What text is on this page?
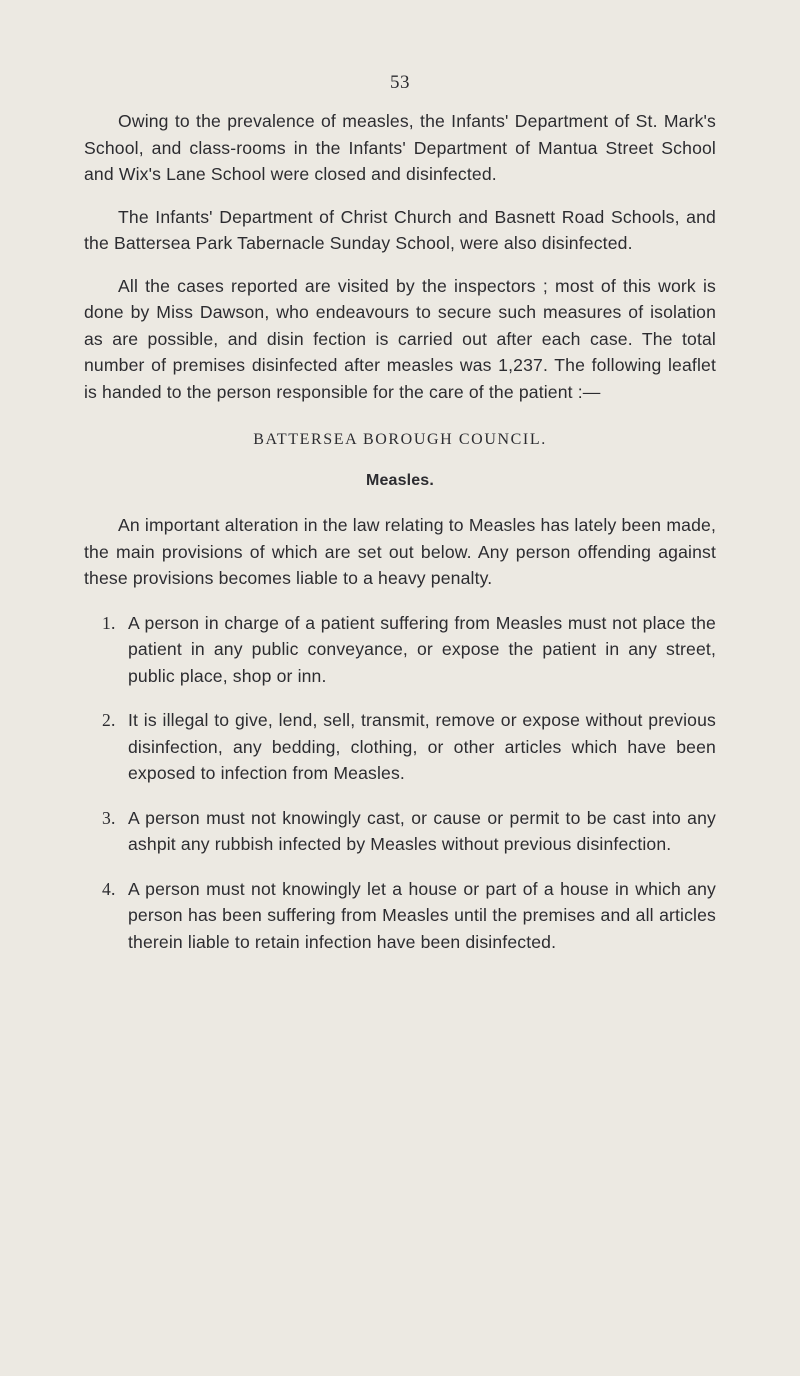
53

Owing to the prevalence of measles, the Infants' Department of St. Mark's School, and class-rooms in the Infants' Department of Mantua Street School and Wix's Lane School were closed and disinfected.

The Infants' Department of Christ Church and Basnett Road Schools, and the Battersea Park Tabernacle Sunday School, were also disinfected.

All the cases reported are visited by the inspectors ; most of this work is done by Miss Dawson, who endeavours to secure such measures of isolation as are possible, and disin fection is carried out after each case. The total number of premises disinfected after measles was 1,237. The following leaflet is handed to the person responsible for the care of the patient :—

BATTERSEA BOROUGH COUNCIL.
Measles.

An important alteration in the law relating to Measles has lately been made, the main provisions of which are set out below. Any person offending against these provisions becomes liable to a heavy penalty.

1. A person in charge of a patient suffering from Measles must not place the patient in any public conveyance, or expose the patient in any street, public place, shop or inn.

2. It is illegal to give, lend, sell, transmit, remove or expose without previous disinfection, any bedding, clothing, or other articles which have been exposed to infection from Measles.

3. A person must not knowingly cast, or cause or permit to be cast into any ashpit any rubbish infected by Measles without previous disinfection.

4. A person must not knowingly let a house or part of a house in which any person has been suffering from Measles until the premises and all articles therein liable to retain infection have been disinfected.
